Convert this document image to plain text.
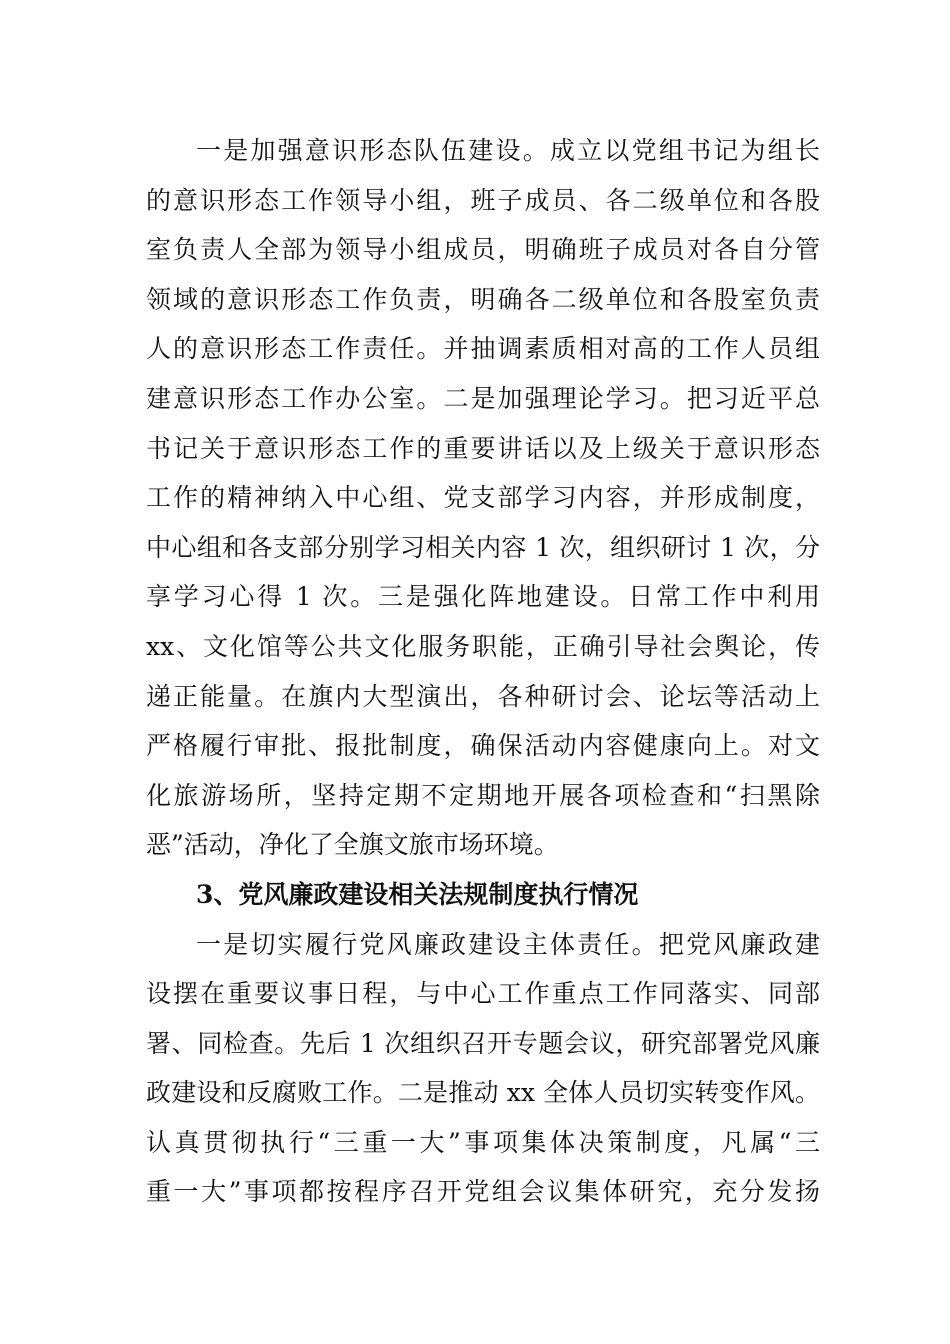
一是加强意识形态队伍建设。成立以党组书记为组长
的意识形态工作领导小组，班子成员、各二级单位和各股
室负责人全部为领导小组成员，明确班子成员对各自分管
领域的意识形态工作负责，明确各二级单位和各股室负责
人的意识形态工作责任。并抽调素质相对高的工作人员组
建意识形态工作办公室。二是加强理论学习。把习近平总
书记关于意识形态工作的重要讲话以及上级关于意识形态
工作的精神纳入中心组、党支部学习内容，并形成制度，
中心组和各支部分别学习相关内容 1 次，组织研讨 1 次，分
享学习心得 1 次。三是强化阵地建设。日常工作中利用
xx、文化馆等公共文化服务职能，正确引导社会舆论，传
递正能量。在旗内大型演出，各种研讨会、论坛等活动上
严格履行审批、报批制度，确保活动内容健康向上。对文
化旅游场所，坚持定期不定期地开展各项检查和“扫黑除
恶”活动，净化了全旗文旅市场环境。
3、党风廉政建设相关法规制度执行情况
一是切实履行党风廉政建设主体责任。把党风廉政建
设摆在重要议事日程，与中心工作重点工作同落实、同部
署、同检查。先后 1 次组织召开专题会议，研究部署党风廉
政建设和反腐败工作。二是推动 xx 全体人员切实转变作风。
认真贯彻执行“三重一大”事项集体决策制度，凡属“三
重一大”事项都按程序召开党组会议集体研究，充分发扬
